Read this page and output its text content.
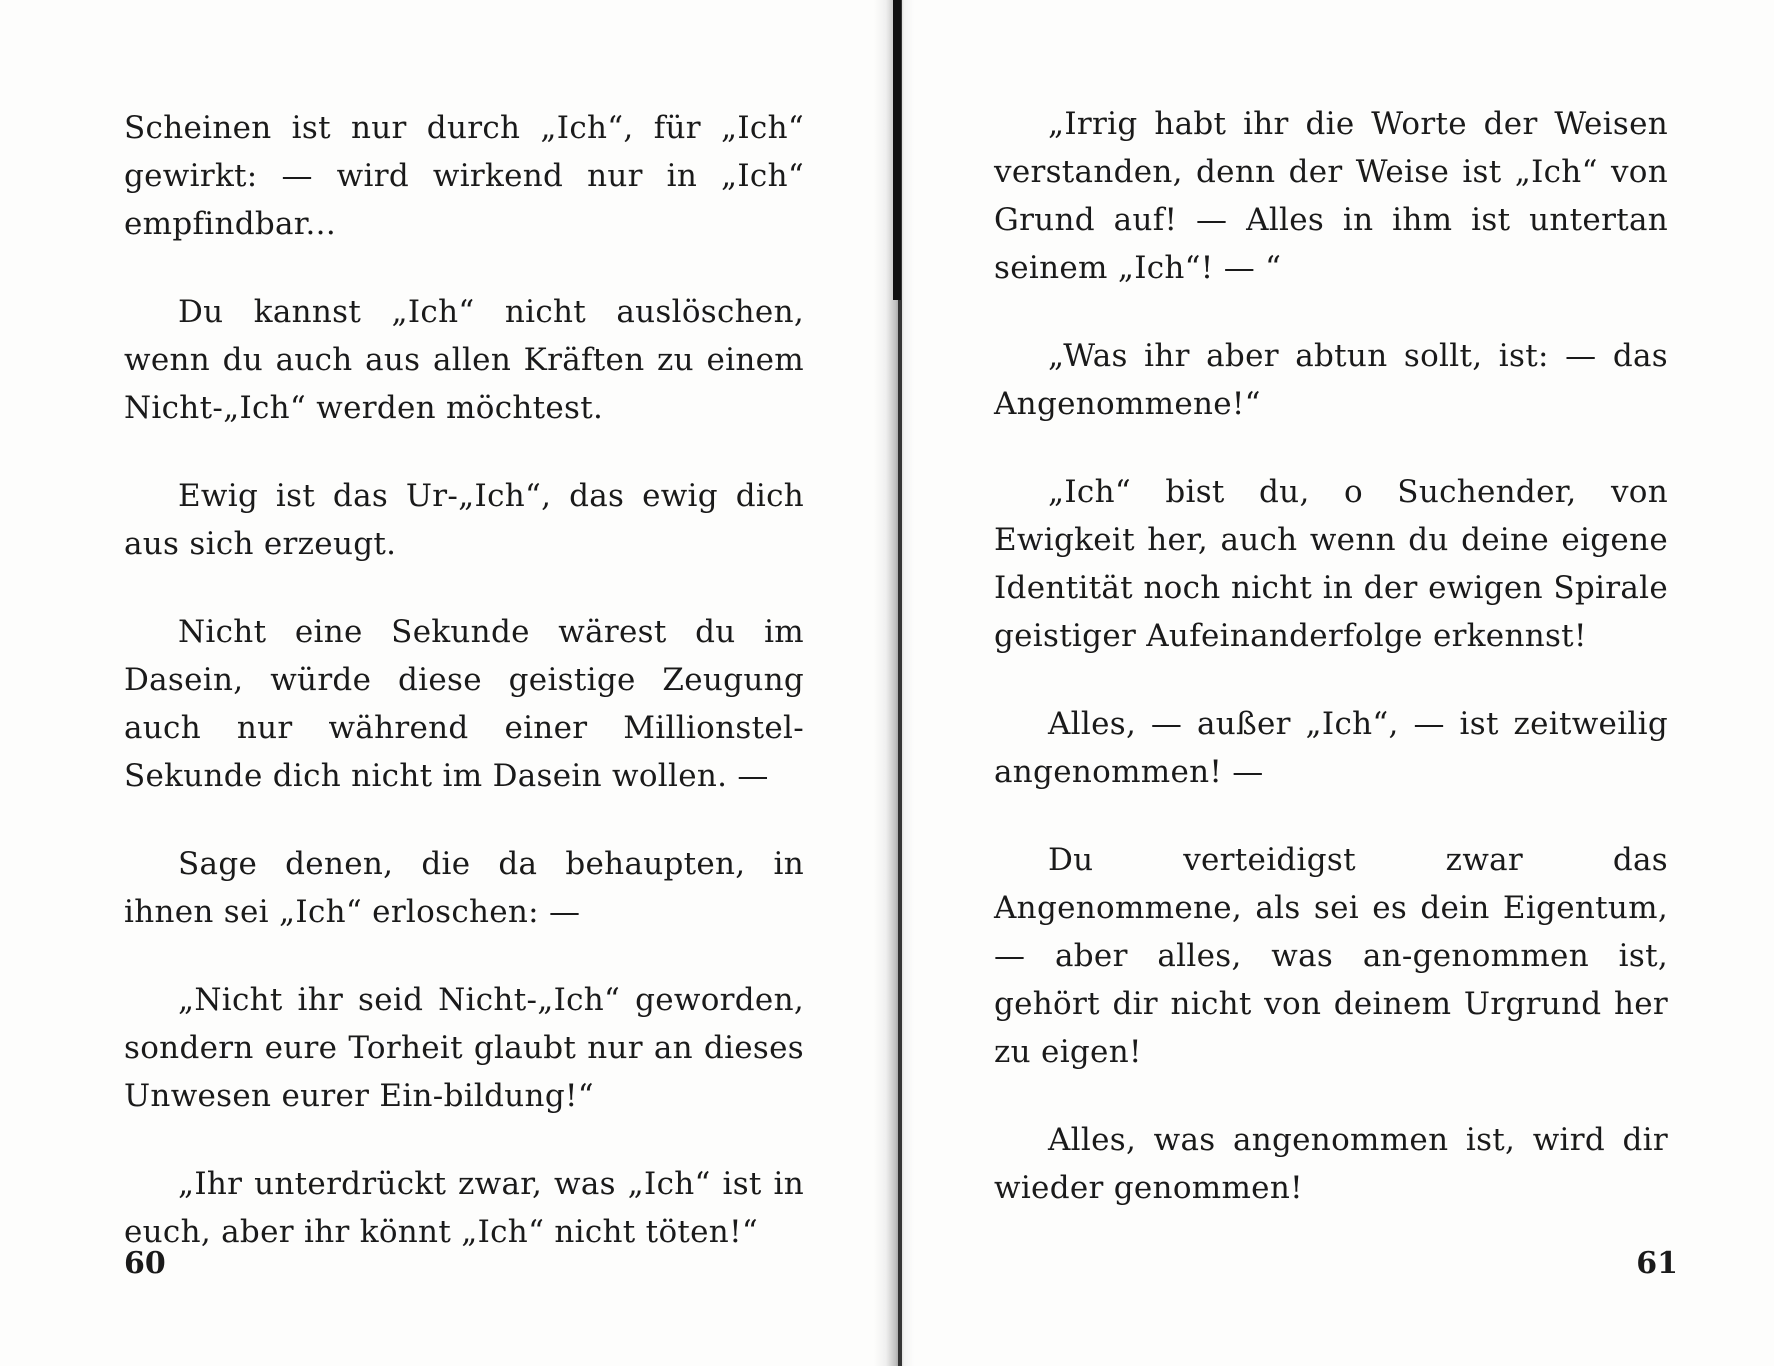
Scheinen ist nur durch „Ich“, für „Ich“ gewirkt: — wird wirkend nur in „Ich“ empfindbar...

Du kannst „Ich“ nicht auslöschen, wenn du auch aus allen Kräften zu einem Nicht-„Ich“ werden möchtest.

Ewig ist das Ur-„Ich“, das ewig dich aus sich erzeugt.

Nicht eine Sekunde wärest du im Dasein, würde diese geistige Zeugung auch nur während einer Millionstel-Sekunde dich nicht im Dasein wollen. —

Sage denen, die da behaupten, in ihnen sei „Ich“ erloschen: —

„Nicht ihr seid Nicht-„Ich“ geworden, sondern eure Torheit glaubt nur an dieses Unwesen eurer Ein-bildung!“

„Ihr unterdrückt zwar, was „Ich“ ist in euch, aber ihr könnt „Ich“ nicht töten!“

60

„Irrig habt ihr die Worte der Weisen verstanden, denn der Weise ist „Ich“ von Grund auf! — Alles in ihm ist untertan seinem „Ich“! — “

„Was ihr aber abtun sollt, ist: — das Angenommene!“

„Ich“ bist du, o Suchender, von Ewigkeit her, auch wenn du deine eigene Identität noch nicht in der ewigen Spirale geistiger Aufeinanderfolge erkennst!

Alles, — außer „Ich“, — ist zeitweilig angenommen! —

Du verteidigst zwar das Angenommene, als sei es dein Eigentum, — aber alles, was an-genommen ist, gehört dir nicht von deinem Urgrund her zu eigen!

Alles, was angenommen ist, wird dir wieder genommen!

61
